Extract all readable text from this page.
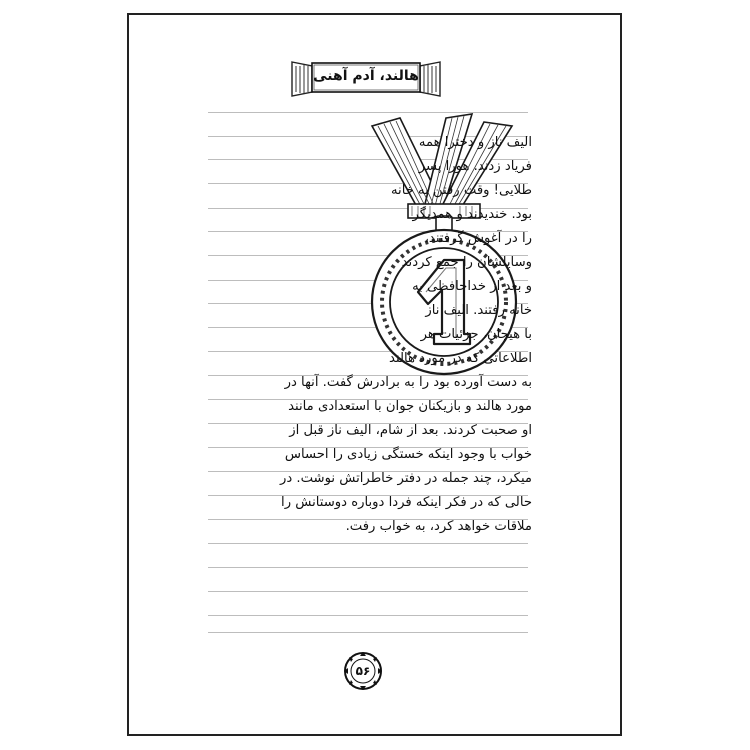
هالند، آدم آهنی
الیف ناز و دخترا همه
فریاد زدند. هورا پسر
طلایی! وقت رفتن به خانه
بود. خندیدند و همدیگر
را در آغوش گرفتند،
وسایلشان را جمع کردند
و بعد از خداحافظی به
خانه رفتند. الیف ناز
با هیجان، جزئیات هر
اطلاعاتی که در مورد هالند
به دست آورده بود را به برادرش گفت. آنها در
مورد هالند و بازیکنان جوان با استعدادی مانند
او صحبت کردند. بعد از شام، الیف ناز قبل از
خواب با وجود اینکه خستگی زیادی را احساس
میکرد، چند جمله در دفتر خاطراتش نوشت. در
حالی که در فکر اینکه فردا دوباره دوستانش را
ملاقات خواهد کرد، به خواب رفت.
۵۶
